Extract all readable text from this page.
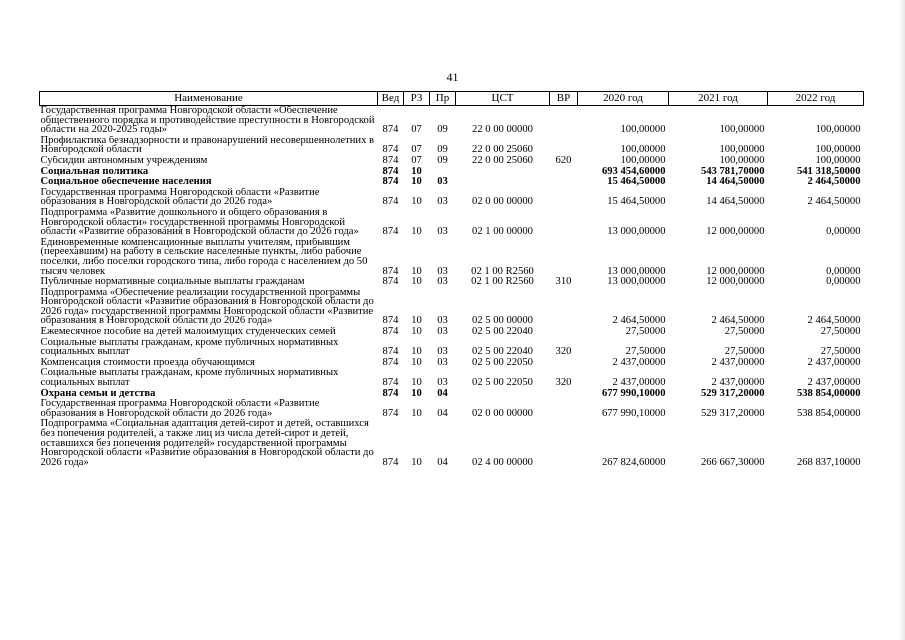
41
Наименование	Вед	РЗ	Пр	ЦСТ	ВР	2020 год	2021 год	2022 год
Государственная программа Новгородской области «Обеспечение общественного порядка и противодействие преступности в Новгородской области на 2020-2025 годы»	874	07	09	22 0 00 00000		100,00000	100,00000	100,00000
Профилактика безнадзорности и правонарушений несовершеннолетних в Новгородской области	874	07	09	22 0 00 25060		100,00000	100,00000	100,00000
Субсидии автономным учреждениям	874	07	09	22 0 00 25060	620	100,00000	100,00000	100,00000
Социальная политика	874	10				693 454,60000	543 781,70000	541 318,50000
Социальное обеспечение населения	874	10	03			15 464,50000	14 464,50000	2 464,50000
Государственная программа Новгородской области «Развитие образования в Новгородской области до 2026 года»	874	10	03	02 0 00 00000		15 464,50000	14 464,50000	2 464,50000
Подпрограмма «Развитие дошкольного и общего образования в Новгородской области» государственной программы Новгородской области «Развитие образования в Новгородской области до 2026 года»	874	10	03	02 1 00 00000		13 000,00000	12 000,00000	0,00000
Единовременные компенсационные выплаты учителям, прибывшим (переехавшим) на работу в сельские населенные пункты, либо рабочие поселки, либо поселки городского типа, либо города с населением до 50 тысяч человек	874	10	03	02 1 00 R2560		13 000,00000	12 000,00000	0,00000
Публичные нормативные социальные выплаты гражданам	874	10	03	02 1 00 R2560	310	13 000,00000	12 000,00000	0,00000
Подпрограмма «Обеспечение реализации государственной программы Новгородской области «Развитие образования в Новгородской области до 2026 года» государственной программы Новгородской области «Развитие образования в Новгородской области до 2026 года»	874	10	03	02 5 00 00000		2 464,50000	2 464,50000	2 464,50000
Ежемесячное пособие на детей малоимущих студенческих семей	874	10	03	02 5 00 22040		27,50000	27,50000	27,50000
Социальные выплаты гражданам, кроме публичных нормативных социальных выплат	874	10	03	02 5 00 22040	320	27,50000	27,50000	27,50000
Компенсация стоимости проезда обучающимся	874	10	03	02 5 00 22050		2 437,00000	2 437,00000	2 437,00000
Социальные выплаты гражданам, кроме публичных нормативных социальных выплат	874	10	03	02 5 00 22050	320	2 437,00000	2 437,00000	2 437,00000
Охрана семьи и детства	874	10	04			677 990,10000	529 317,20000	538 854,00000
Государственная программа Новгородской области «Развитие образования в Новгородской области до 2026 года»	874	10	04	02 0 00 00000		677 990,10000	529 317,20000	538 854,00000
Подпрограмма «Социальная адаптация детей-сирот и детей, оставшихся без попечения родителей, а также лиц из числа детей-сирот и детей, оставшихся без попечения родителей» государственной программы Новгородской области «Развитие образования в Новгородской области до 2026 года»	874	10	04	02 4 00 00000		267 824,60000	266 667,30000	268 837,10000
